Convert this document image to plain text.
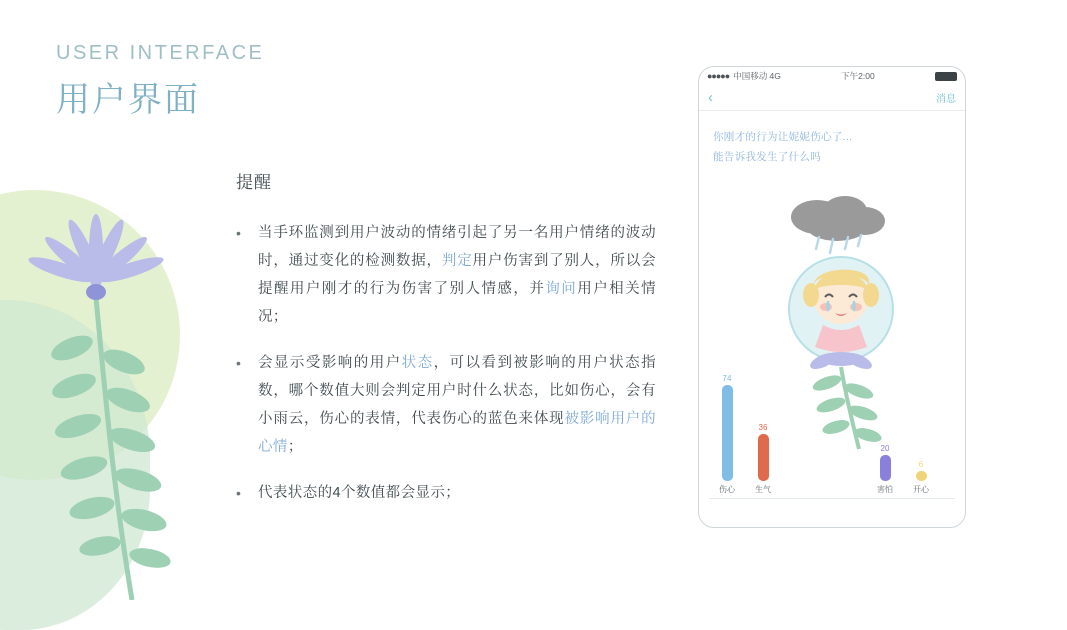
USER INTERFACE
用户界面
提醒
•	当手环监测到用户波动的情绪引起了另一名用户情绪的波动时，通过变化的检测数据，判定用户伤害到了别人，所以会提醒用户刚才的行为伤害了别人情感，并询问用户相关情况；
•	会显示受影响的用户状态，可以看到被影响的用户状态指数，哪个数值大则会判定用户时什么状态，比如伤心，会有小雨云，伤心的表情，代表伤心的蓝色来体现被影响用户的心情；
•	代表状态的4个数值都会显示；
●●●●● 中国移动 4G	下午2:00
‹	消息
你刚才的行为让妮妮伤心了...
能告诉我发生了什么吗
74
伤心
36
生气
20
害怕
6
开心
